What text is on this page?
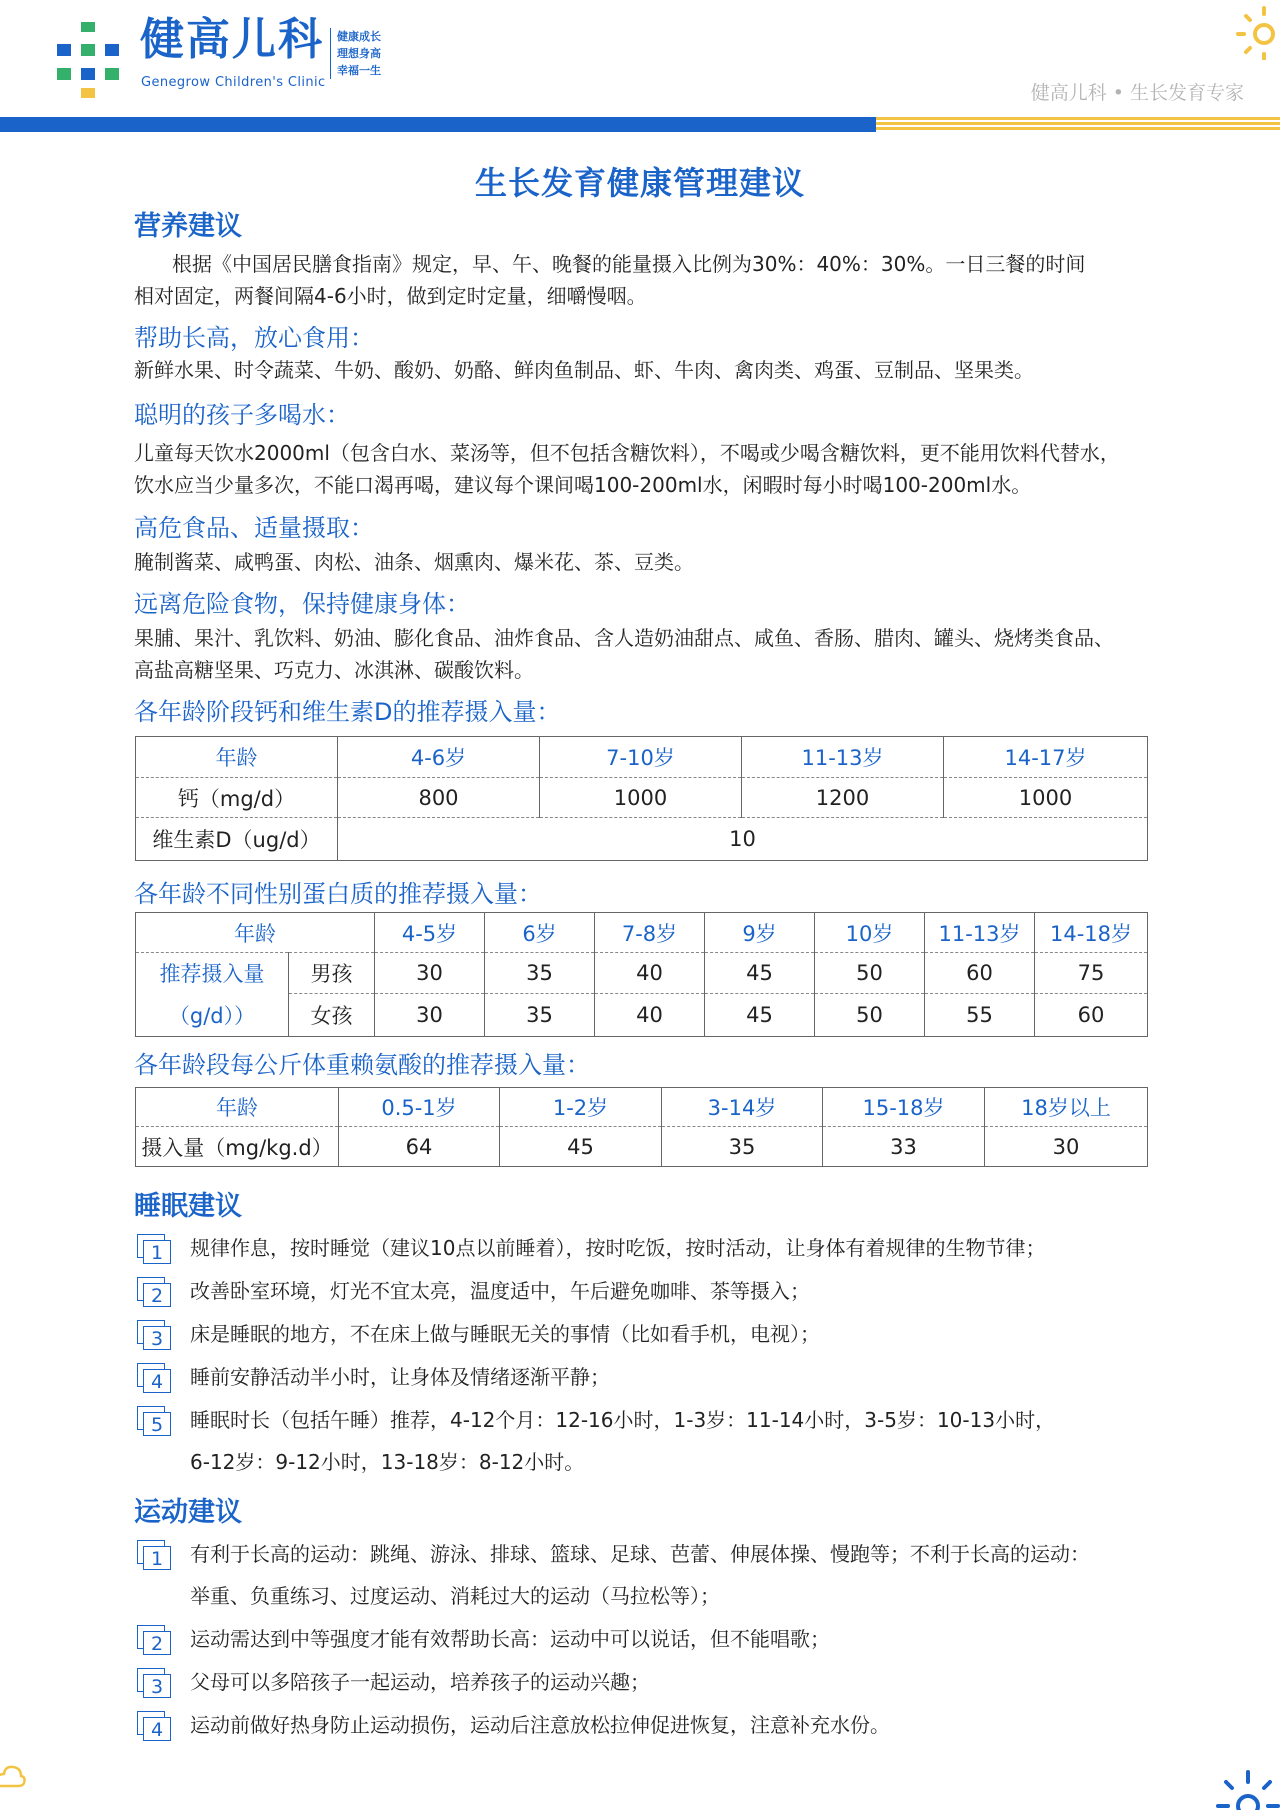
健高儿科
Genegrow Children's Clinic
健康成长
理想身高
幸福一生
健高儿科 • 生长发育专家
生长发育健康管理建议
营养建议
根据《中国居民膳食指南》规定，早、午、晚餐的能量摄入比例为30%：40%：30%。一日三餐的时间
相对固定，两餐间隔4-6小时，做到定时定量，细嚼慢咽。
帮助长高，放心食用：
新鲜水果、时令蔬菜、牛奶、酸奶、奶酪、鲜肉鱼制品、虾、牛肉、禽肉类、鸡蛋、豆制品、坚果类。
聪明的孩子多喝水：
儿童每天饮水2000ml（包含白水、菜汤等，但不包括含糖饮料），不喝或少喝含糖饮料，更不能用饮料代替水，
饮水应当少量多次，不能口渴再喝，建议每个课间喝100-200ml水，闲暇时每小时喝100-200ml水。
高危食品、适量摄取：
腌制酱菜、咸鸭蛋、肉松、油条、烟熏肉、爆米花、茶、豆类。
远离危险食物，保持健康身体：
果脯、果汁、乳饮料、奶油、膨化食品、油炸食品、含人造奶油甜点、咸鱼、香肠、腊肉、罐头、烧烤类食品、
高盐高糖坚果、巧克力、冰淇淋、碳酸饮料。
各年龄阶段钙和维生素D的推荐摄入量：
年龄	4-6岁	7-10岁	11-13岁	14-17岁
钙（mg/d）	800	1000	1200	1000
维生素D（ug/d）	10			
各年龄不同性别蛋白质的推荐摄入量：
年龄		4-5岁	6岁	7-8岁	9岁	10岁	11-13岁	14-18岁
推荐摄入量	男孩	30	35	40	45	50	60	75
（g/d））	女孩	30	35	40	45	50	55	60
各年龄段每公斤体重赖氨酸的推荐摄入量：
年龄	0.5-1岁	1-2岁	3-14岁	15-18岁	18岁以上
摄入量（mg/kg.d）	64	45	35	33	30
睡眠建议
1	规律作息，按时睡觉（建议10点以前睡着），按时吃饭，按时活动，让身体有着规律的生物节律；
2	改善卧室环境，灯光不宜太亮，温度适中，午后避免咖啡、茶等摄入；
3	床是睡眠的地方，不在床上做与睡眠无关的事情（比如看手机，电视）；
4	睡前安静活动半小时，让身体及情绪逐渐平静；
5	睡眠时长（包括午睡）推荐，4-12个月：12-16小时，1-3岁：11-14小时，3-5岁：10-13小时，
6-12岁：9-12小时，13-18岁：8-12小时。
运动建议
1	有利于长高的运动：跳绳、游泳、排球、篮球、足球、芭蕾、伸展体操、慢跑等；不利于长高的运动：
举重、负重练习、过度运动、消耗过大的运动（马拉松等）；
2	运动需达到中等强度才能有效帮助长高：运动中可以说话，但不能唱歌；
3	父母可以多陪孩子一起运动，培养孩子的运动兴趣；
4	运动前做好热身防止运动损伤，运动后注意放松拉伸促进恢复，注意补充水份。
